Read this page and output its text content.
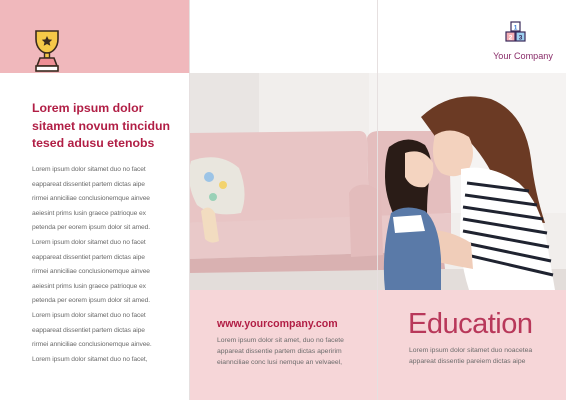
Lorem ipsum dolor
sitamet novum tincidun
tesed adusu etenobs
Lorem ipsum dolor sitamet duo no facet
eappareat dissentiet partem dictas aipe
rirmei anniciliae conclusionemque ainvee
aeiesint prims lusin graece patrioque ex
petenda per eorem ipsum dolor sit amed.
Lorem ipsum dolor sitamet duo no facet
eappareat dissentiet partem dictas aipe
rirmei anniciliae conclusionemque ainvee
aeiesint prims lusin graece patrioque ex
petenda per eorem ipsum dolor sit amed.
Lorem ipsum dolor sitamet duo no facet
eappareat dissentiet partem dictas aipe
rirmei anniciliae conclusionemque ainvee.
Lorem ipsum dolor sitamet duo no facet,
1
2 3
Your Company
www.yourcompany.com
Lorem ipsum dolor sit amet, duo no facete
appareat dissentie partem dictas aperirim
eiannciliae conc lusi nemque an velvaeel,
Education
Lorem ipsum dolor sitamet duo noacetea
appareat dissentie pareiem dictas aipe
